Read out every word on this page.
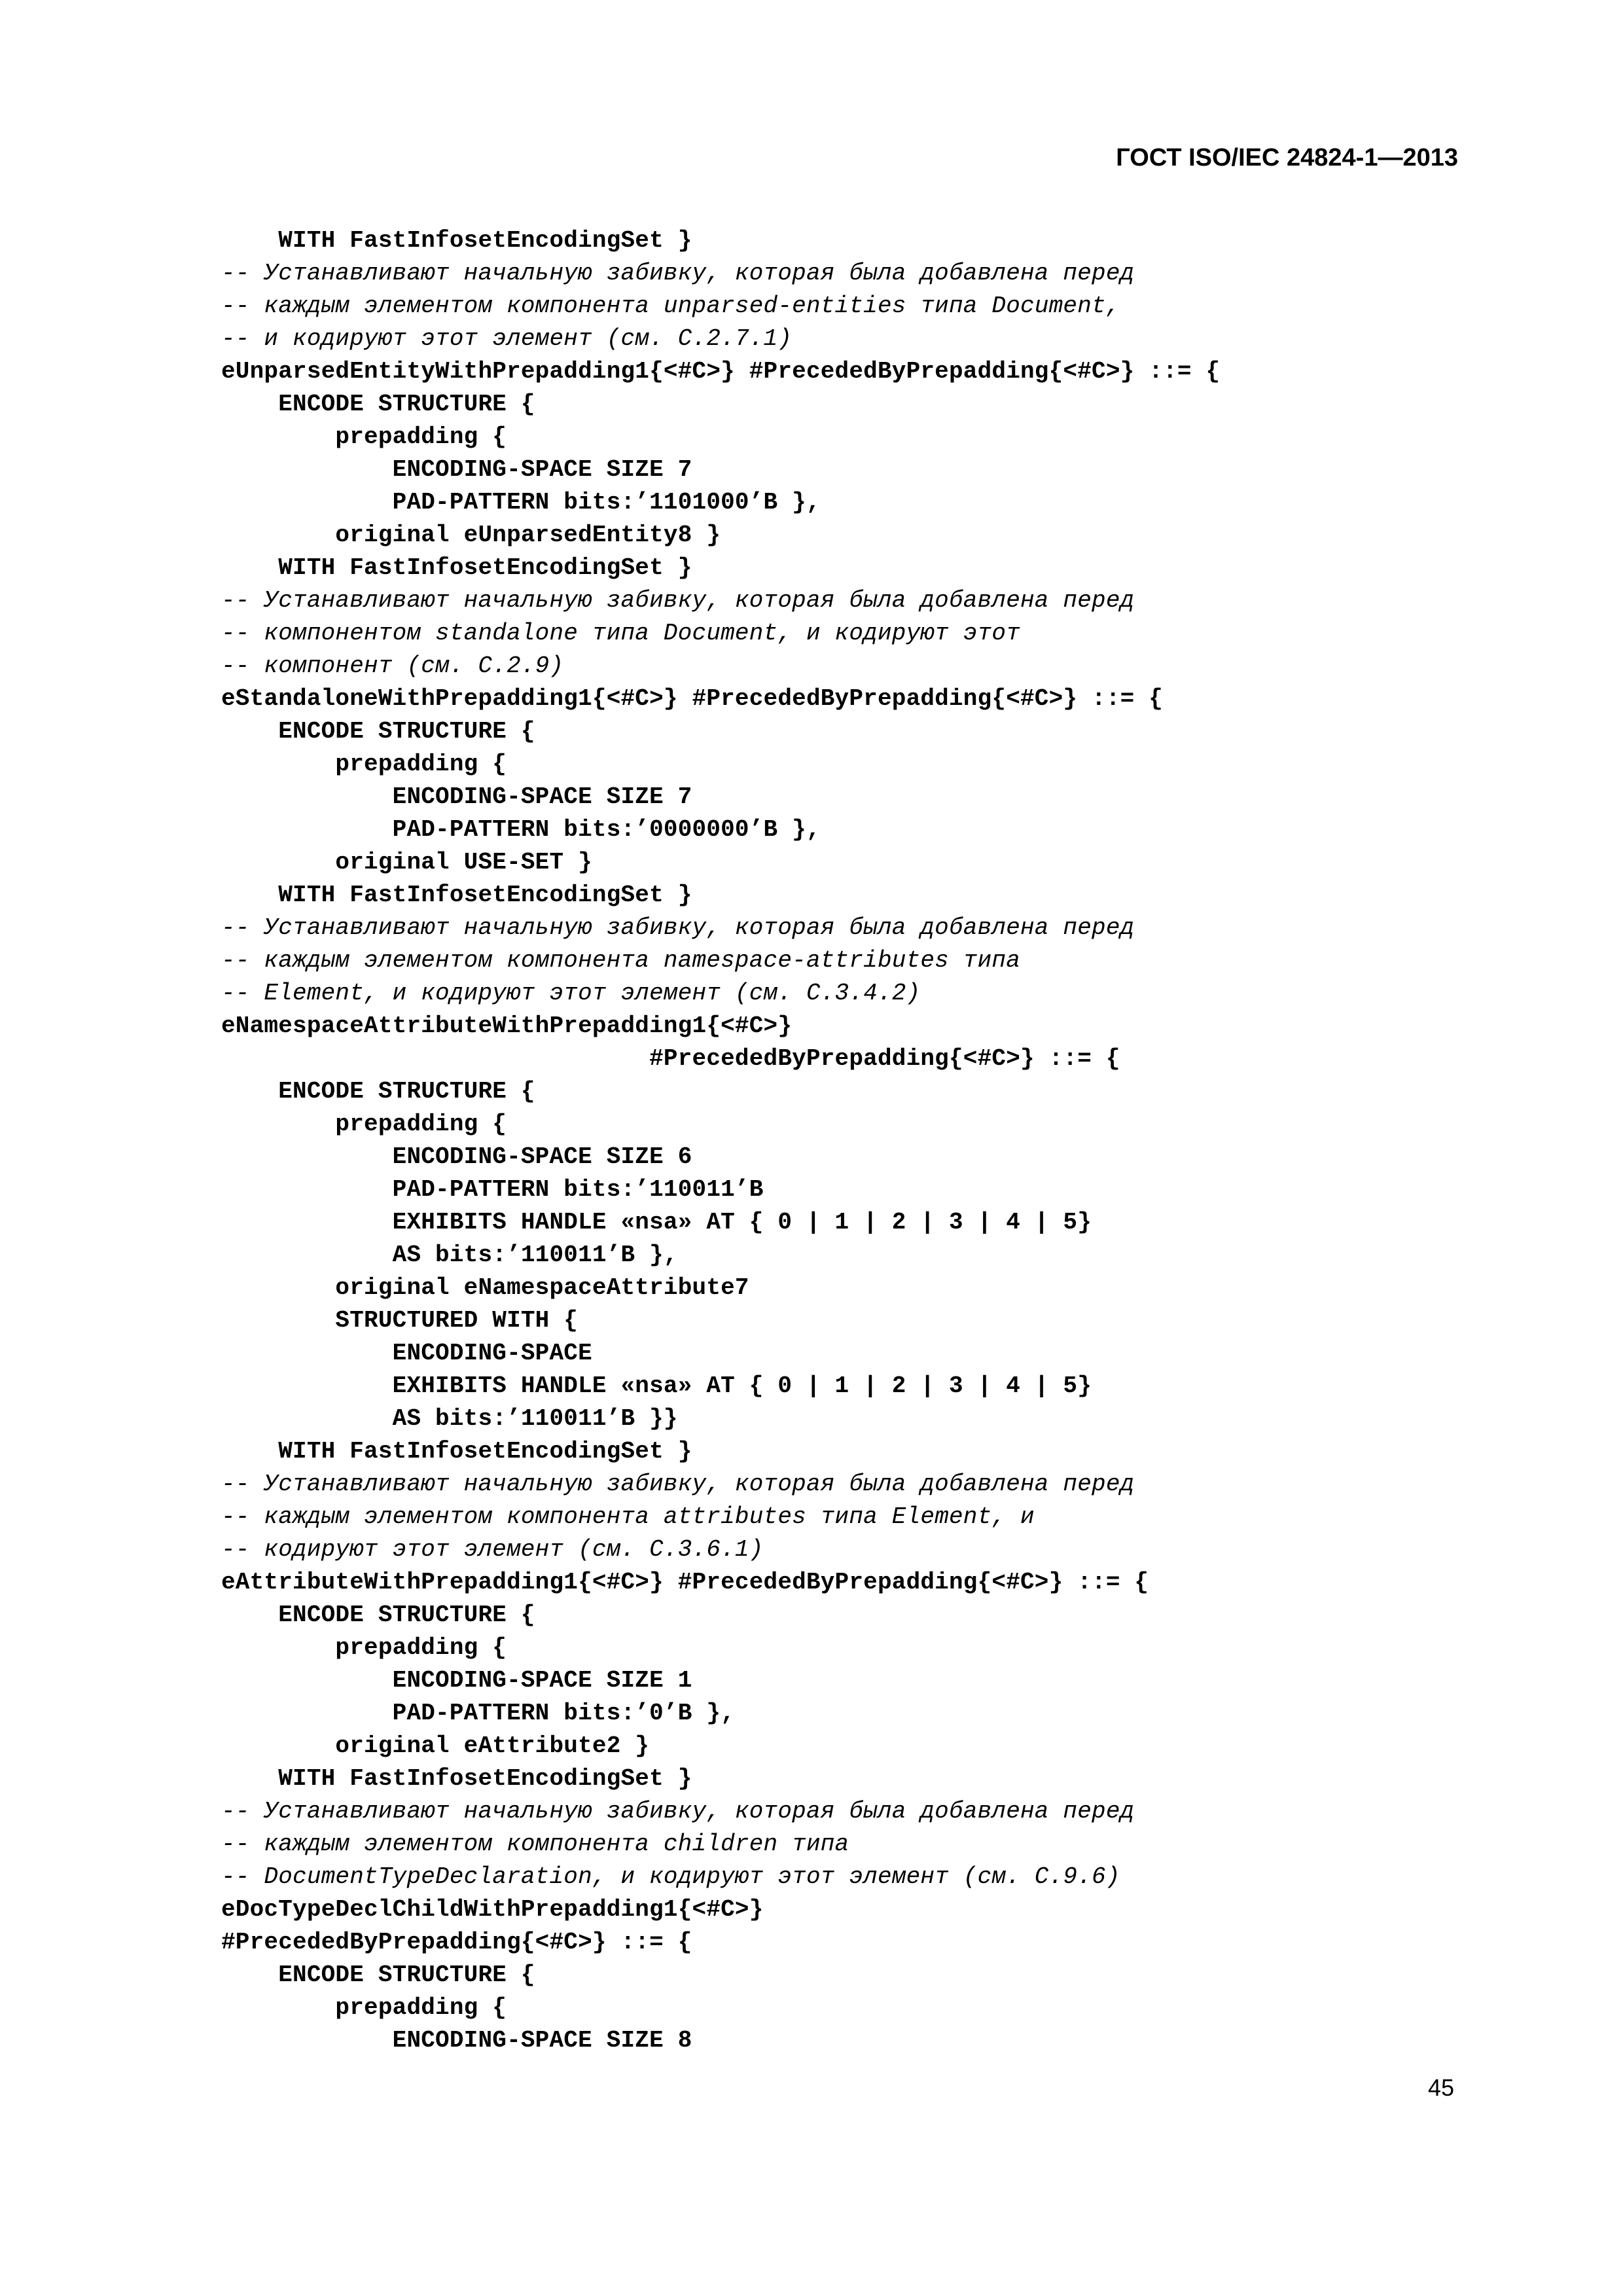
ГОСТ ISO/IEC 24824-1—2013

WITH FastInfosetEncodingSet }
-- Устанавливают начальную забивку, которая была добавлена перед
-- каждым элементом компонента unparsed-entities типа Document,
-- и кодируют этот элемент (см. C.2.7.1)
eUnparsedEntityWithPrepadding1{<#C>} #PrecededByPrepadding{<#C>} ::= {
ENCODE STRUCTURE {
prepadding {
ENCODING-SPACE SIZE 7
PAD-PATTERN bits:’1101000’B },
original eUnparsedEntity8 }
WITH FastInfosetEncodingSet }
-- Устанавливают начальную забивку, которая была добавлена перед
-- компонентом standalone типа Document, и кодируют этот
-- компонент (см. C.2.9)
eStandaloneWithPrepadding1{<#C>} #PrecededByPrepadding{<#C>} ::= {
ENCODE STRUCTURE {
prepadding {
ENCODING-SPACE SIZE 7
PAD-PATTERN bits:’0000000’B },
original USE-SET }
WITH FastInfosetEncodingSet }
-- Устанавливают начальную забивку, которая была добавлена перед
-- каждым элементом компонента namespace-attributes типа
-- Element, и кодируют этот элемент (см. C.3.4.2)
eNamespaceAttributeWithPrepadding1{<#C>}
#PrecededByPrepadding{<#C>} ::= {
ENCODE STRUCTURE {
prepadding {
ENCODING-SPACE SIZE 6
PAD-PATTERN bits:’110011’B
EXHIBITS HANDLE «nsa» AT { 0 | 1 | 2 | 3 | 4 | 5}
AS bits:’110011’B },
original eNamespaceAttribute7
STRUCTURED WITH {
ENCODING-SPACE
EXHIBITS HANDLE «nsa» AT { 0 | 1 | 2 | 3 | 4 | 5}
AS bits:’110011’B }}
WITH FastInfosetEncodingSet }
-- Устанавливают начальную забивку, которая была добавлена перед
-- каждым элементом компонента attributes типа Element, и
-- кодируют этот элемент (см. C.3.6.1)
eAttributeWithPrepadding1{<#C>} #PrecededByPrepadding{<#C>} ::= {
ENCODE STRUCTURE {
prepadding {
ENCODING-SPACE SIZE 1
PAD-PATTERN bits:’0’B },
original eAttribute2 }
WITH FastInfosetEncodingSet }
-- Устанавливают начальную забивку, которая была добавлена перед
-- каждым элементом компонента children типа
-- DocumentTypeDeclaration, и кодируют этот элемент (см. C.9.6)
eDocTypeDeclChildWithPrepadding1{<#C>}
#PrecededByPrepadding{<#C>} ::= {
ENCODE STRUCTURE {
prepadding {
ENCODING-SPACE SIZE 8

45
